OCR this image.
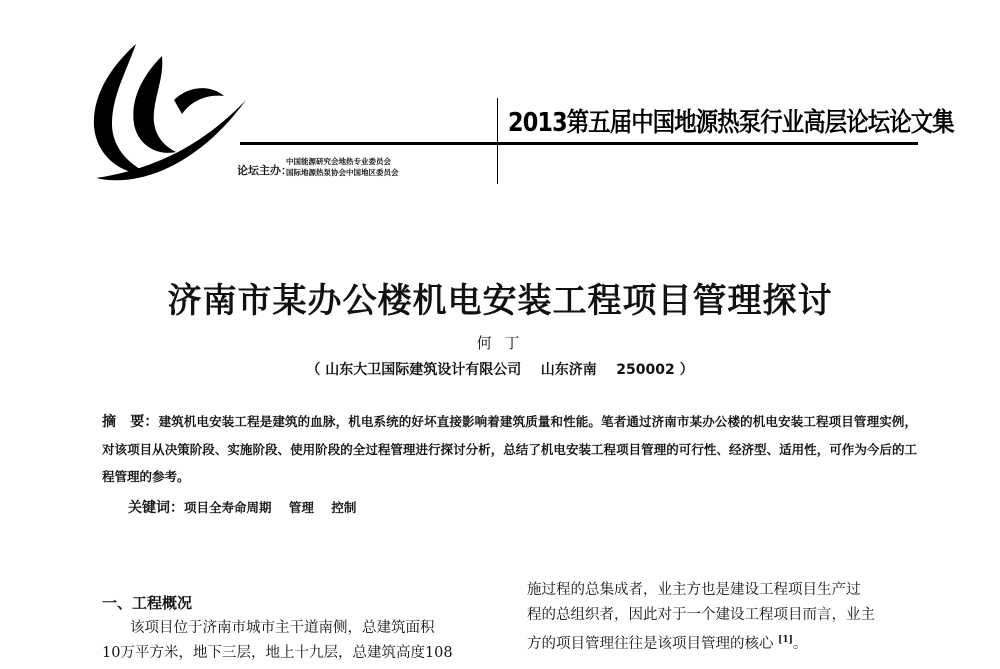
2013第五届中国地源热泵行业高层论坛论文集
论坛主办：
中国能源研究会地热专业委员会
国际地源热泵协会中国地区委员会
济南市某办公楼机电安装工程项目管理探讨
何 丁
（ 山东大卫国际建筑设计有限公司    山东济南    250002 ）
摘　要：建筑机电安装工程是建筑的血脉，机电系统的好坏直接影响着建筑质量和性能。笔者通过济南市某办公楼的机电安装工程项目管理实例，对该项目从决策阶段、实施阶段、使用阶段的全过程管理进行探讨分析，总结了机电安装工程项目管理的可行性、经济型、适用性，可作为今后的工程管理的参考。
关键词：项目全寿命周期    管理    控制
一、工程概况
该项目位于济南市城市主干道南侧，总建筑面积
10万平方米，地下三层，地上十九层，总建筑高度108
施过程的总集成者，业主方也是建设工程项目生产过
程的总组织者，因此对于一个建设工程项目而言，业主
方的项目管理往往是该项目管理的核心 [1]。
